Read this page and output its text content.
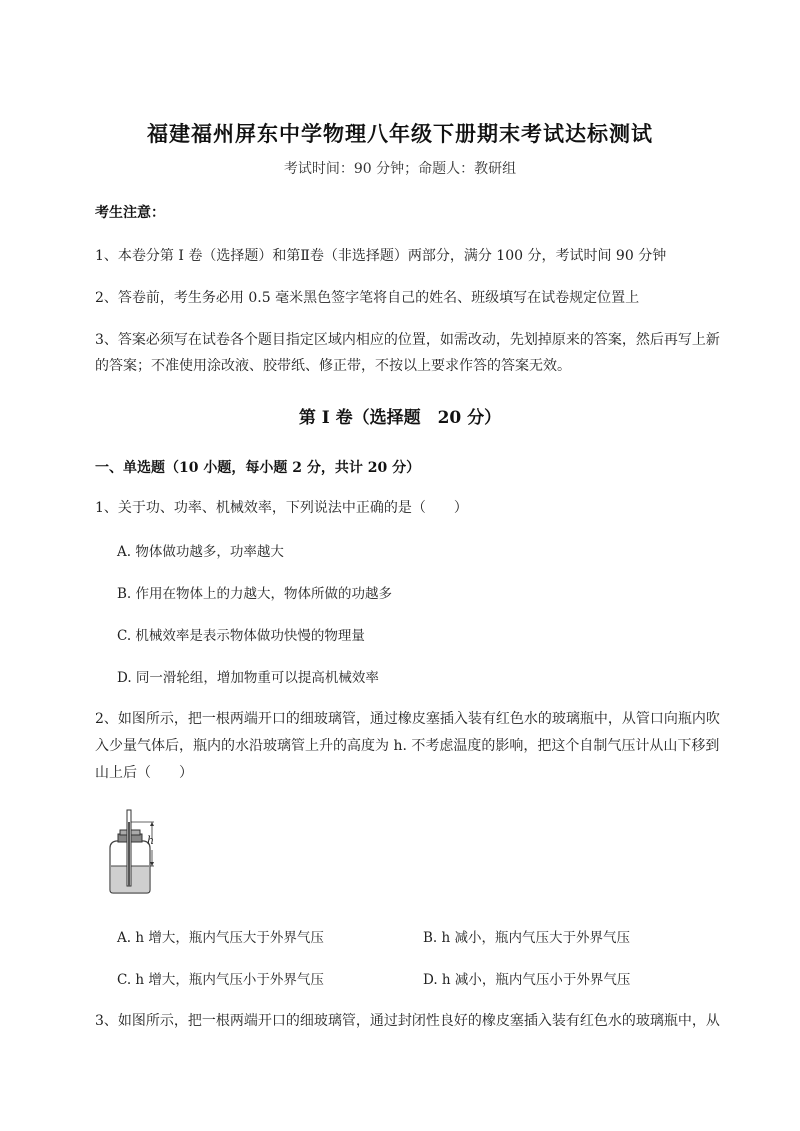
福建福州屏东中学物理八年级下册期末考试达标测试
考试时间：90 分钟；命题人：教研组
考生注意：
1、本卷分第 I 卷（选择题）和第Ⅱ卷（非选择题）两部分，满分 100 分，考试时间 90 分钟
2、答卷前，考生务必用 0.5 毫米黑色签字笔将自己的姓名、班级填写在试卷规定位置上
3、答案必须写在试卷各个题目指定区域内相应的位置，如需改动，先划掉原来的答案，然后再写上新
的答案；不准使用涂改液、胶带纸、修正带，不按以上要求作答的答案无效。
第 I 卷（选择题　20 分）
一、单选题（10 小题，每小题 2 分，共计 20 分）
1、关于功、功率、机械效率，下列说法中正确的是（　　）
A. 物体做功越多，功率越大
B. 作用在物体上的力越大，物体所做的功越多
C. 机械效率是表示物体做功快慢的物理量
D. 同一滑轮组，增加物重可以提高机械效率
2、如图所示，把一根两端开口的细玻璃管，通过橡皮塞插入装有红色水的玻璃瓶中，从管口向瓶内吹
入少量气体后，瓶内的水沿玻璃管上升的高度为 h. 不考虑温度的影响，把这个自制气压计从山下移到
山上后（　　）
h
A. h 增大，瓶内气压大于外界气压	B. h 减小，瓶内气压大于外界气压
C. h 增大，瓶内气压小于外界气压	D. h 减小，瓶内气压小于外界气压
3、如图所示，把一根两端开口的细玻璃管，通过封闭性良好的橡皮塞插入装有红色水的玻璃瓶中，从
